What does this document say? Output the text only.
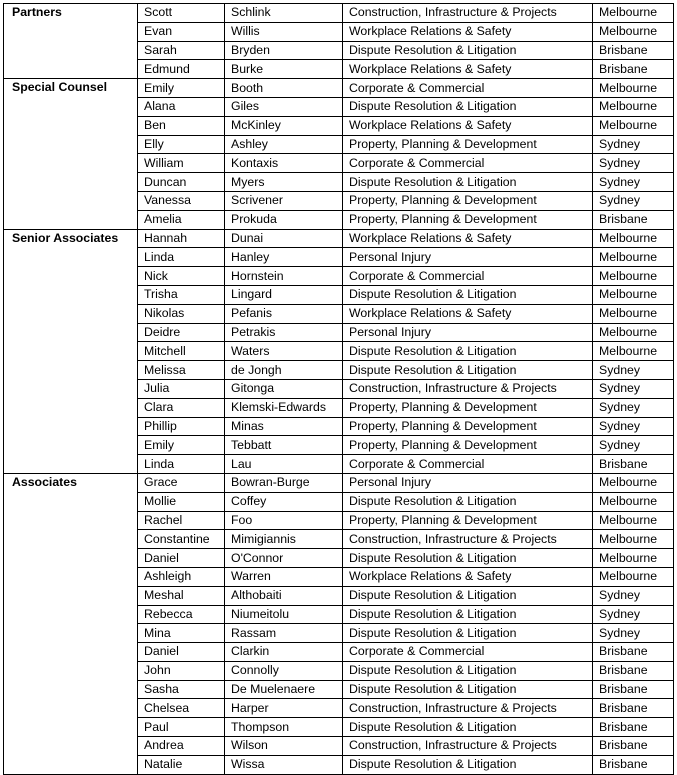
Partners	Scott	Schlink	Construction, Infrastructure & Projects	Melbourne
	Evan	Willis	Workplace Relations & Safety	Melbourne
	Sarah	Bryden	Dispute Resolution & Litigation	Brisbane
	Edmund	Burke	Workplace Relations & Safety	Brisbane
Special Counsel	Emily	Booth	Corporate & Commercial	Melbourne
	Alana	Giles	Dispute Resolution & Litigation	Melbourne
	Ben	McKinley	Workplace Relations & Safety	Melbourne
	Elly	Ashley	Property, Planning & Development	Sydney
	William	Kontaxis	Corporate & Commercial	Sydney
	Duncan	Myers	Dispute Resolution & Litigation	Sydney
	Vanessa	Scrivener	Property, Planning & Development	Sydney
	Amelia	Prokuda	Property, Planning & Development	Brisbane
Senior Associates	Hannah	Dunai	Workplace Relations & Safety	Melbourne
	Linda	Hanley	Personal Injury	Melbourne
	Nick	Hornstein	Corporate & Commercial	Melbourne
	Trisha	Lingard	Dispute Resolution & Litigation	Melbourne
	Nikolas	Pefanis	Workplace Relations & Safety	Melbourne
	Deidre	Petrakis	Personal Injury	Melbourne
	Mitchell	Waters	Dispute Resolution & Litigation	Melbourne
	Melissa	de Jongh	Dispute Resolution & Litigation	Sydney
	Julia	Gitonga	Construction, Infrastructure & Projects	Sydney
	Clara	Klemski-Edwards	Property, Planning & Development	Sydney
	Phillip	Minas	Property, Planning & Development	Sydney
	Emily	Tebbatt	Property, Planning & Development	Sydney
	Linda	Lau	Corporate & Commercial	Brisbane
Associates	Grace	Bowran-Burge	Personal Injury	Melbourne
	Mollie	Coffey	Dispute Resolution & Litigation	Melbourne
	Rachel	Foo	Property, Planning & Development	Melbourne
	Constantine	Mimigiannis	Construction, Infrastructure & Projects	Melbourne
	Daniel	O'Connor	Dispute Resolution & Litigation	Melbourne
	Ashleigh	Warren	Workplace Relations & Safety	Melbourne
	Meshal	Althobaiti	Dispute Resolution & Litigation	Sydney
	Rebecca	Niumeitolu	Dispute Resolution & Litigation	Sydney
	Mina	Rassam	Dispute Resolution & Litigation	Sydney
	Daniel	Clarkin	Corporate & Commercial	Brisbane
	John	Connolly	Dispute Resolution & Litigation	Brisbane
	Sasha	De Muelenaere	Dispute Resolution & Litigation	Brisbane
	Chelsea	Harper	Construction, Infrastructure & Projects	Brisbane
	Paul	Thompson	Dispute Resolution & Litigation	Brisbane
	Andrea	Wilson	Construction, Infrastructure & Projects	Brisbane
	Natalie	Wissa	Dispute Resolution & Litigation	Brisbane
